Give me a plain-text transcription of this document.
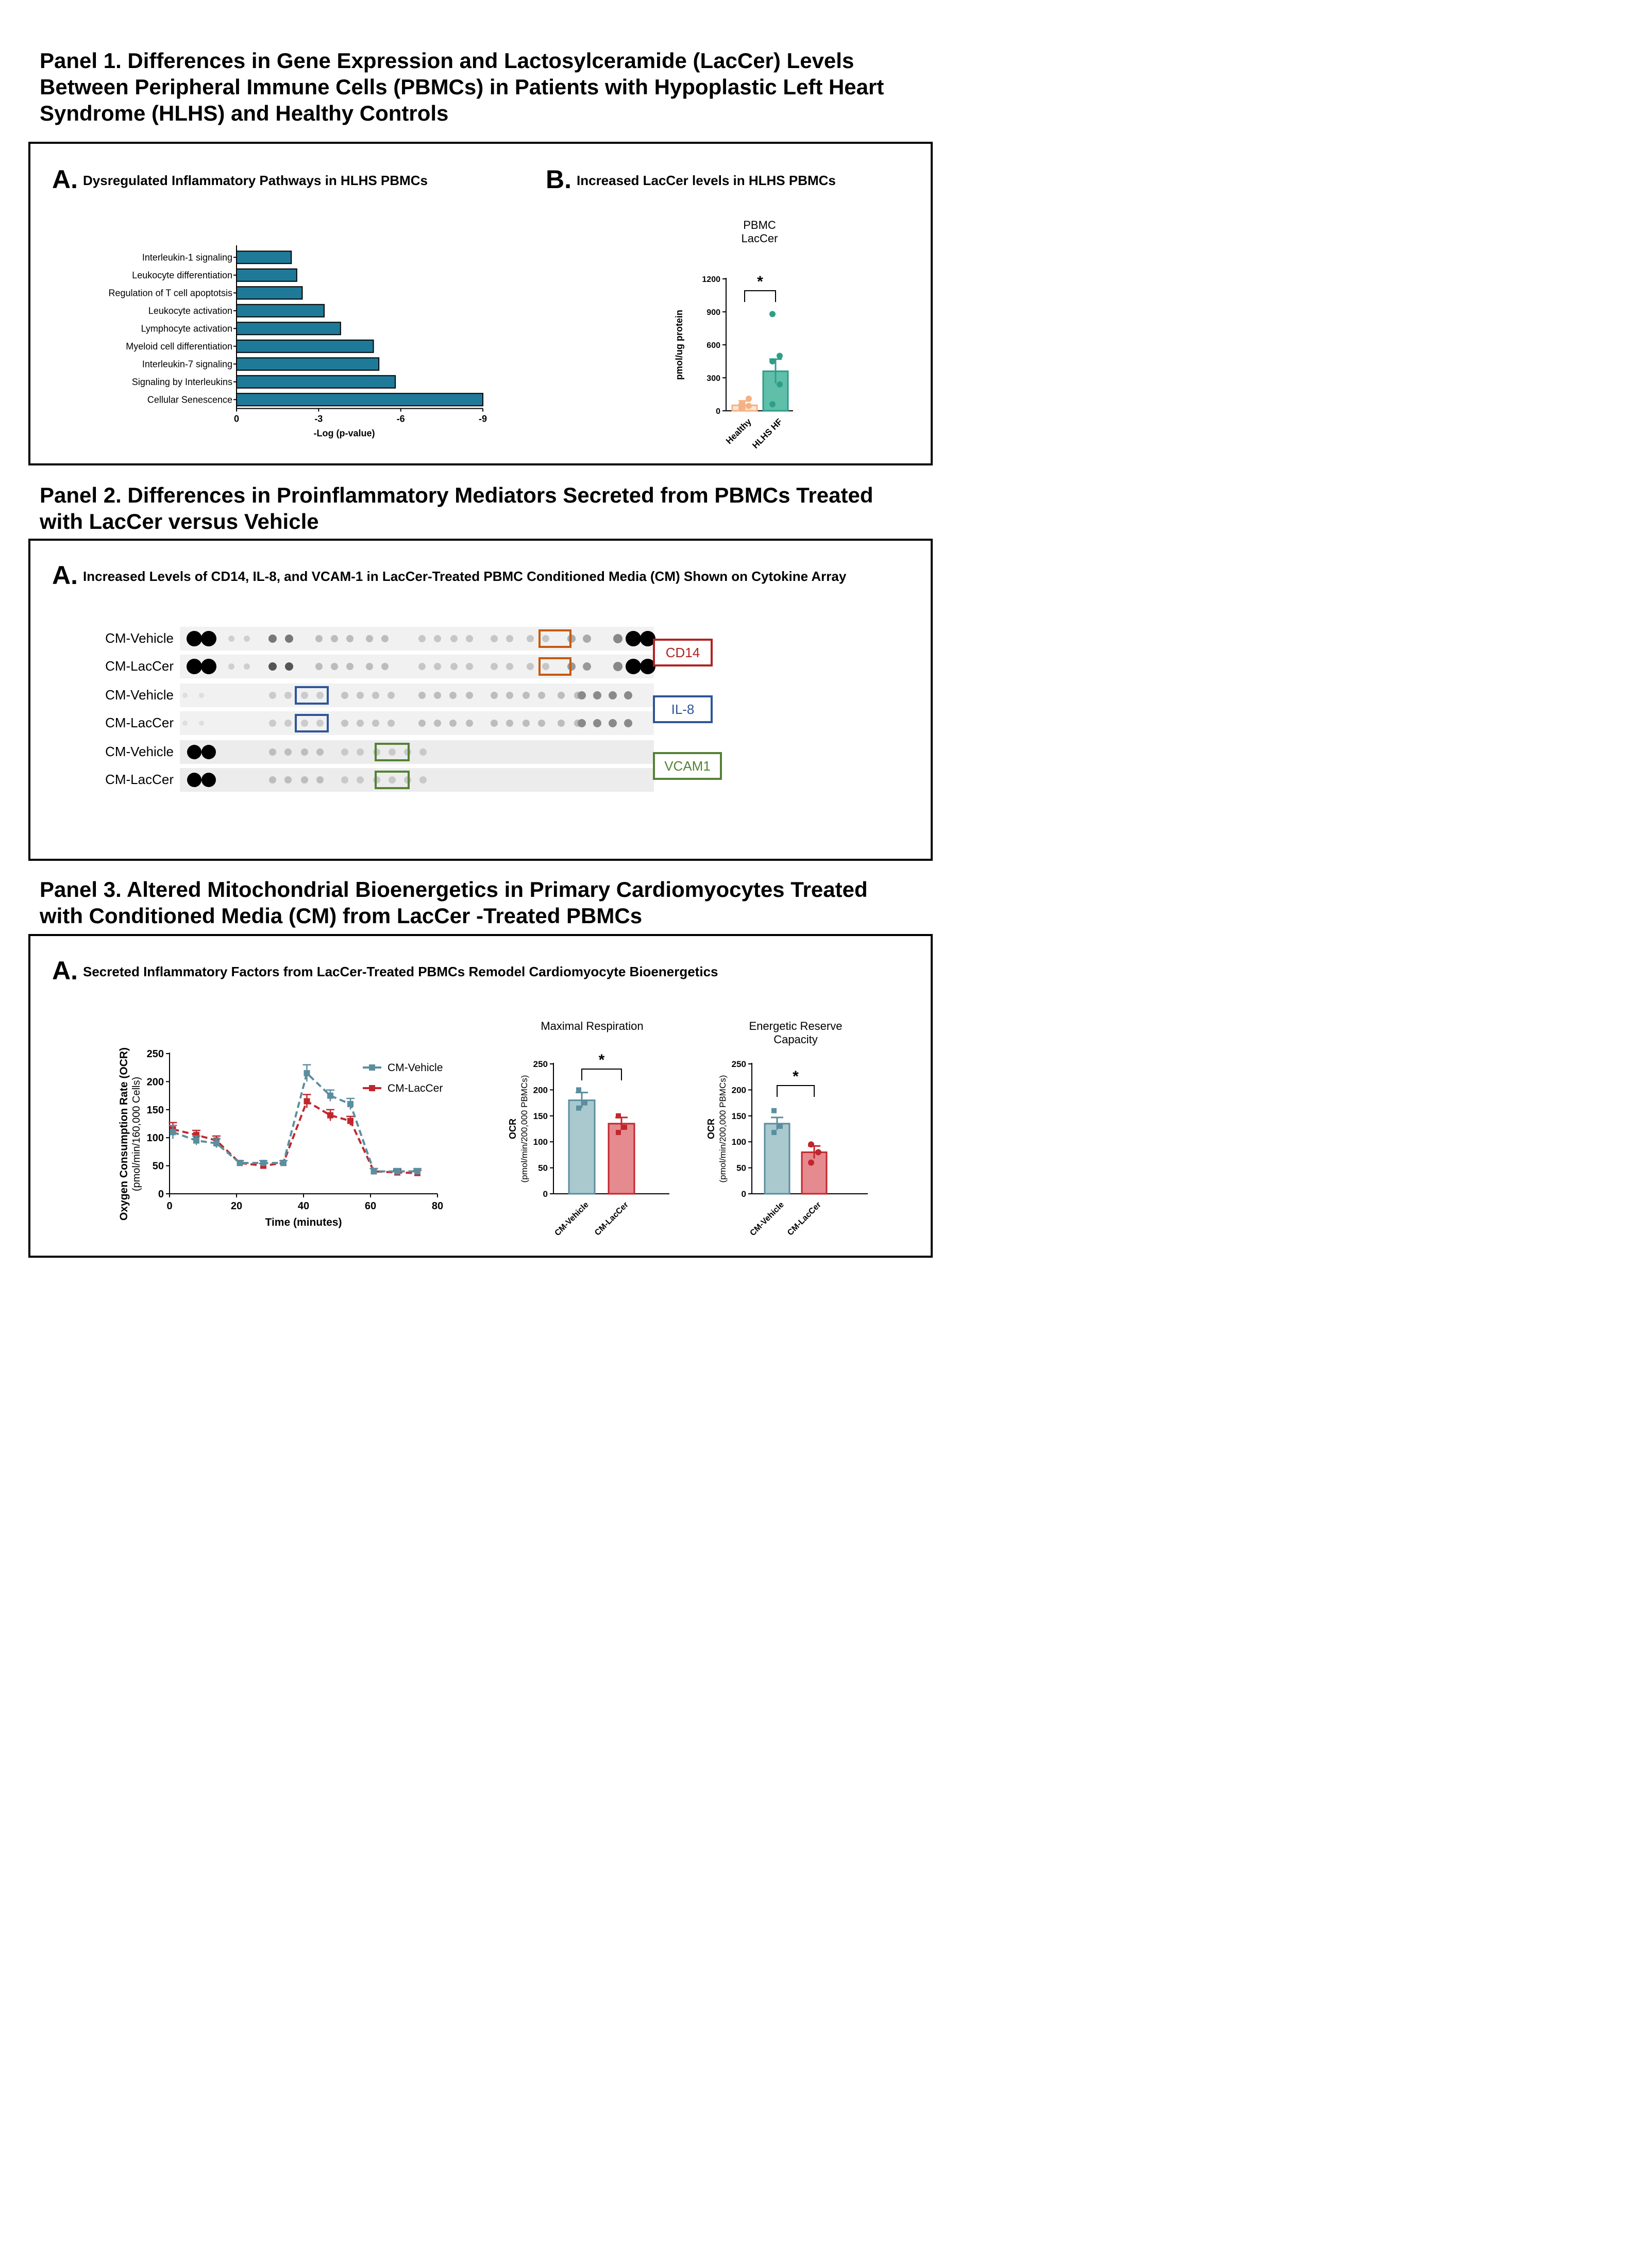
Panel 1. Differences in Gene Expression and Lactosylceramide (LacCer) Levels Between Peripheral Immune Cells (PBMCs) in Patients with Hypoplastic Left Heart Syndrome (HLHS) and Healthy Controls

A. Dysregulated Inflammatory Pathways in HLHS PBMCs	B. Increased LacCer levels in HLHS PBMCs
Interleukin-1 signaling
Leukocyte differentiation
Regulation of T cell apoptotsis
Leukocyte activation
Lymphocyte activation
Myeloid cell differentiation
Interleukin-7 signaling
Signaling by Interleukins
Cellular Senescence
0	-3	-6	-9
-Log (p-value)
PBMC
LacCer
0
300
600
900
1200
pmol/ug protein
Healthy
HLHS HF
*

Panel 2. Differences in Proinflammatory Mediators Secreted from PBMCs Treated with LacCer versus Vehicle

A. Increased Levels of CD14, IL-8, and VCAM-1 in LacCer-Treated PBMC Conditioned Media (CM) Shown on Cytokine Array
CM-Vehicle
CM-LacCer
CM-Vehicle
CM-LacCer
CM-Vehicle
CM-LacCer
CD14
IL-8
VCAM1

Panel 3. Altered Mitochondrial Bioenergetics in Primary Cardiomyocytes Treated with Conditioned Media (CM) from LacCer -Treated PBMCs

A. Secreted Inflammatory Factors from LacCer-Treated PBMCs Remodel Cardiomyocyte Bioenergetics
0
50
100
150
200
250
0	20	40	60	80
Time (minutes)
Oxygen Consumption Rate (OCR) (pmol/min/160,000 Cells)
CM-Vehicle
CM-LacCer
Maximal Respiration
0
50
100
150
200
250
OCR (pmol/min/200,000 PBMCs)
CM-Vehicle CM-LacCer
*
Energetic Reserve
Capacity
0
50
100
150
200
250
OCR (pmol/min/200,000 PBMCs)
CM-Vehicle CM-LacCer
*
